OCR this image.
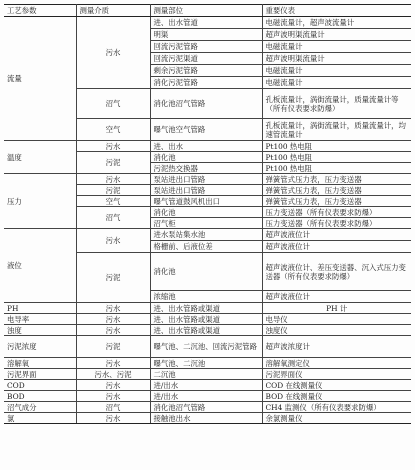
工艺参数	测量介质	测量部位	重要仪表
流量	污水	进、出水管道	电磁流量计，超声波流量计
		明渠	超声波明渠流量计
		回流污泥管路	电磁流量计
		回流污泥渠道	超声波明渠流量计
		剩余污泥管路	电磁流量计
		消化污泥管路	电磁流量计
	沼气	消化池沼气管路	孔板流量计，涡街流量计，质量流量计等（所有仪表要求防爆）
	空气	曝气池空气管路	孔板流量计，涡街流量计，质量流量计，均速管流量计
温度	污水	进、出水	Pt100 热电阻
	污泥	消化池	Pt100 热电阻
		污泥热交换器	Pt100 热电阻
压力	污水	泵站进出口管路	弹簧管式压力表，压力变送器
	污泥	泵站进出口管路	弹簧管式压力表，压力变送器
	空气	曝气管道鼓风机出口	弹簧管式压力表，压力变送器
	沼气	消化池	压力变送器（所有仪表要求防爆）
		沼气柜	压力变送器（所有仪表要求防爆）
液位	污水	进水泵站集水池	超声波液位计
		格栅前、后液位差	超声波液位计
	污泥	消化池	超声波液位计、差压变送器、沉入式压力变送器（所有仪表要求防爆）
		浓缩池	超声波液位计
PH	污水	进、出水管路或渠道	PH 计
电导率	污水	进、出水管路或渠道	电导仪
浊度	污水	进、出水管路或渠道	浊度仪
污泥浓度	污泥	曝气池、二沉池、回流污泥管路	超声波浓度计
溶解氧	污水	曝气池、二沉池	溶解氧测定仪
污泥界面	污水、污泥	二沉池	污泥界面仪
COD	污水	进/出水	COD 在线测量仪
BOD	污水	进/出水	BOD 在线测量仪
沼气成分	沼气	消化池沼气管路	CH4 监测仪（所有仪表要求防爆）
氯	污水	接触池出水	余氯测量仪
